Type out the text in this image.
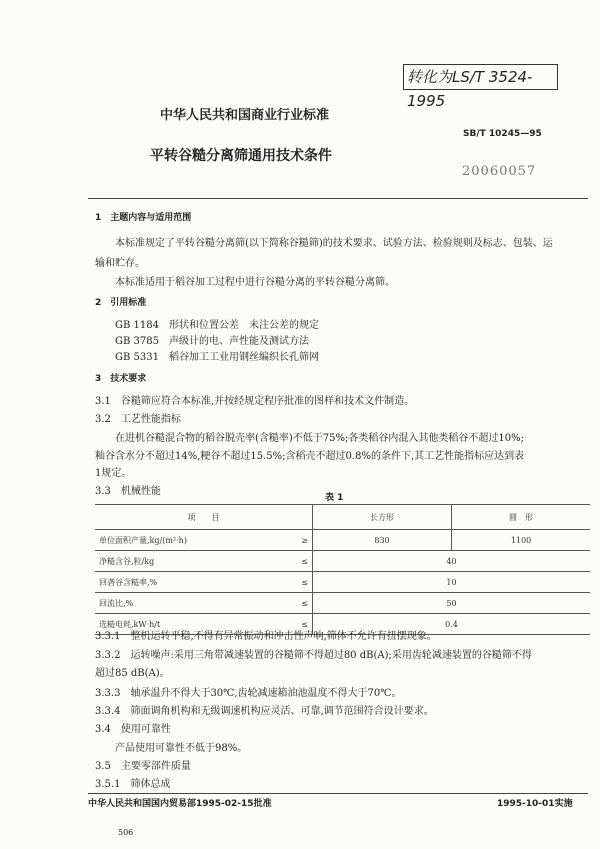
转化为LS/T 3524-1995
中华人民共和国商业行业标准
SB/T 10245—95
平转谷糙分离筛通用技术条件
20060057
1　主题内容与适用范围
本标准规定了平转谷糙分离筛(以下简称谷糙筛)的技术要求、试验方法、检验规则及标志、包装、运
输和贮存。
本标准适用于稻谷加工过程中进行谷糙分离的平转谷糙分离筛。
2　引用标准
GB 1184　形状和位置公差　未注公差的规定
GB 3785　声级计的电、声性能及测试方法
GB 5331　稻谷加工工业用钢丝编织长孔筛网
3　技术要求
3.1　谷糙筛应符合本标准,并按经规定程序批准的图样和技术文件制造。
3.2　工艺性能指标
在进机谷糙混合物的稻谷脱壳率(含糙率)不低于75%;各类稻谷内混入其他类稻谷不超过10%;
籼谷含水分不超过14%,粳谷不超过15.5%;含稻壳不超过0.8%的条件下,其工艺性能指标应达到表
1规定。
3.3　机械性能
表 1
项　　目		长方形	圆　形
单位面积产量,kg/(m²·h)	≥	830	1100
净糙含谷,粒/kg	≤	40	
回砻谷含糙率,%	≤	10	
回流比,%	≤	50	
选糙电耗,kW·h/t	≤	0.4	
3.3.1　整机运转平稳,不得有异常振动和冲击性声响,筛体不允许有扭摆现象。
3.3.2　运转噪声:采用三角带减速装置的谷糙筛不得超过80 dB(A);采用齿轮减速装置的谷糙筛不得
超过85 dB(A)。
3.3.3　轴承温升不得大于30℃,齿轮减速箱油池温度不得大于70℃。
3.3.4　筛面调角机构和无级调速机构应灵活、可靠,调节范围符合设计要求。
3.4　使用可靠性
产品使用可靠性不低于98%。
3.5　主要零部件质量
3.5.1　筛体总成
中华人民共和国国内贸易部1995-02-15批准	1995-10-01实施
506
